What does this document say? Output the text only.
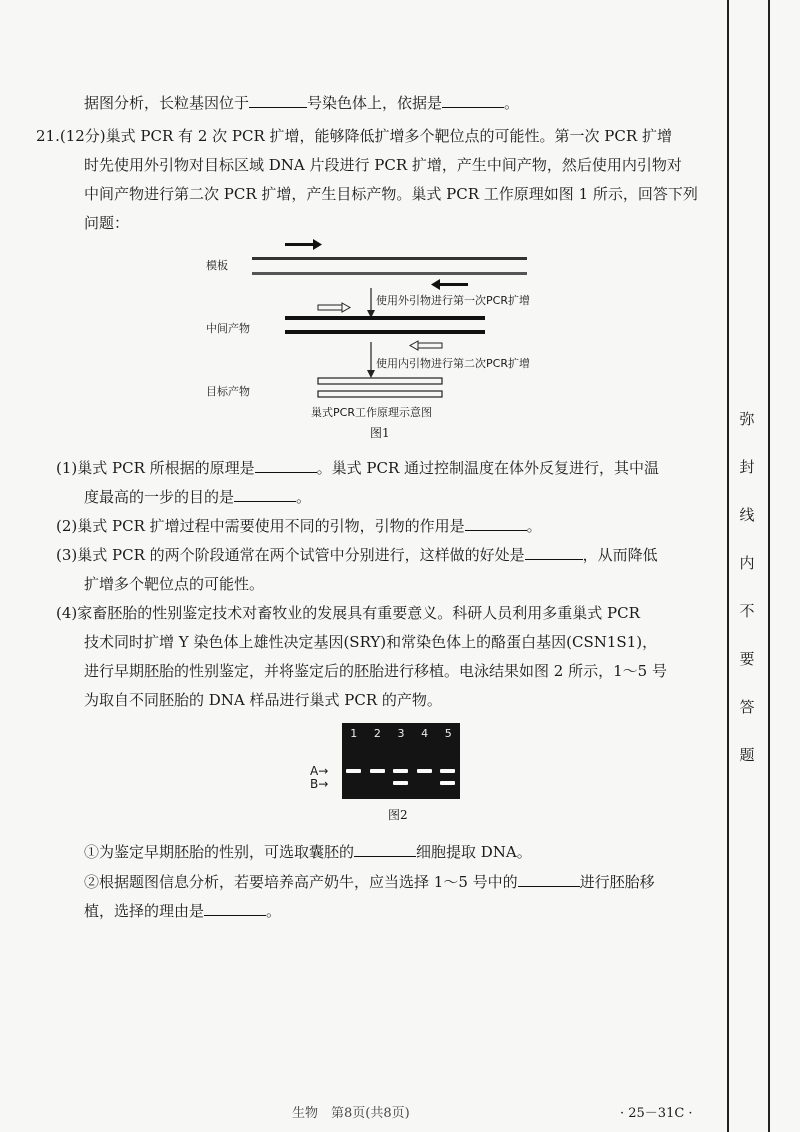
据图分析，长粒基因位于	号染色体上，依据是	。
21.(12分)巢式 PCR 有 2 次 PCR 扩增，能够降低扩增多个靶位点的可能性。第一次 PCR 扩增
时先使用外引物对目标区域 DNA 片段进行 PCR 扩增，产生中间产物，然后使用内引物对
中间产物进行第二次 PCR 扩增，产生目标产物。巢式 PCR 工作原理如图 1 所示，回答下列
问题：
模板
中间产物
目标产物
使用外引物进行第一次PCR扩增
使用内引物进行第二次PCR扩增
巢式PCR工作原理示意图
图1
(1)巢式 PCR 所根据的原理是	。巢式 PCR 通过控制温度在体外反复进行，其中温
度最高的一步的目的是	。
(2)巢式 PCR 扩增过程中需要使用不同的引物，引物的作用是	。
(3)巢式 PCR 的两个阶段通常在两个试管中分别进行，这样做的好处是	，从而降低
扩增多个靶位点的可能性。
(4)家畜胚胎的性别鉴定技术对畜牧业的发展具有重要意义。科研人员利用多重巢式 PCR
技术同时扩增 Y 染色体上雄性决定基因(SRY)和常染色体上的酪蛋白基因(CSN1S1)，
进行早期胚胎的性别鉴定，并将鉴定后的胚胎进行移植。电泳结果如图 2 所示，1～5 号
为取自不同胚胎的 DNA 样品进行巢式 PCR 的产物。
1	2	3	4	5
A→
B→
图2
①为鉴定早期胚胎的性别，可选取囊胚的	细胞提取 DNA。
②根据题图信息分析，若要培养高产奶牛，应当选择 1～5 号中的	进行胚胎移
植，选择的理由是	。
弥封线内不要答题
生物　第8页(共8页)	· 25－31C ·
